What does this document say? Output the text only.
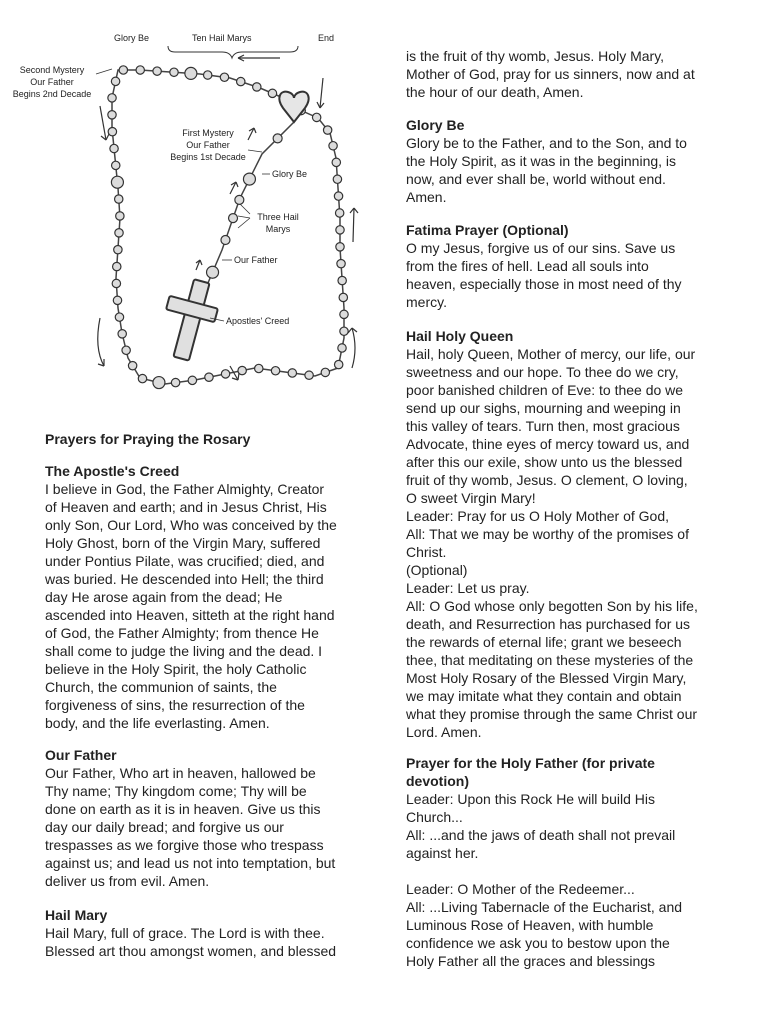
Glory Be	Ten Hail Marys	End
Second Mystery
Our Father
Begins 2nd Decade
First Mystery
Our Father
Begins 1st Decade
Glory Be
Three Hail
Marys
Our Father
Apostles' Creed

Prayers for Praying the Rosary

The Apostle's Creed

I believe in God, the Father Almighty, Creator
of Heaven and earth; and in Jesus Christ, His
only Son, Our Lord, Who was conceived by the
Holy Ghost, born of the Virgin Mary, suffered
under Pontius Pilate, was crucified; died, and
was buried. He descended into Hell; the third
day He arose again from the dead; He
ascended into Heaven, sitteth at the right hand
of God, the Father Almighty; from thence He
shall come to judge the living and the dead. I
believe in the Holy Spirit, the holy Catholic
Church, the communion of saints, the
forgiveness of sins, the resurrection of the
body, and the life everlasting. Amen.

Our Father

Our Father, Who art in heaven, hallowed be
Thy name; Thy kingdom come; Thy will be
done on earth as it is in heaven. Give us this
day our daily bread; and forgive us our
trespasses as we forgive those who trespass
against us; and lead us not into temptation, but
deliver us from evil. Amen.

Hail Mary

Hail Mary, full of grace. The Lord is with thee.
Blessed art thou amongst women, and blessed

is the fruit of thy womb, Jesus. Holy Mary,
Mother of God, pray for us sinners, now and at
the hour of our death, Amen.

Glory Be

Glory be to the Father, and to the Son, and to
the Holy Spirit, as it was in the beginning, is
now, and ever shall be, world without end.
Amen.

Fatima Prayer (Optional)

O my Jesus, forgive us of our sins. Save us
from the fires of hell. Lead all souls into
heaven, especially those in most need of thy
mercy.

Hail Holy Queen

Hail, holy Queen, Mother of mercy, our life, our
sweetness and our hope. To thee do we cry,
poor banished children of Eve: to thee do we
send up our sighs, mourning and weeping in
this valley of tears. Turn then, most gracious
Advocate, thine eyes of mercy toward us, and
after this our exile, show unto us the blessed
fruit of thy womb, Jesus. O clement, O loving,
O sweet Virgin Mary!
Leader: Pray for us O Holy Mother of God,
All: That we may be worthy of the promises of
Christ.
(Optional)
Leader: Let us pray.
All: O God whose only begotten Son by his life,
death, and Resurrection has purchased for us
the rewards of eternal life; grant we beseech
thee, that meditating on these mysteries of the
Most Holy Rosary of the Blessed Virgin Mary,
we may imitate what they contain and obtain
what they promise through the same Christ our
Lord. Amen.

Prayer for the Holy Father (for private
devotion)

Leader: Upon this Rock He will build His
Church...
All: ...and the jaws of death shall not prevail
against her.

Leader: O Mother of the Redeemer...
All: ...Living Tabernacle of the Eucharist, and
Luminous Rose of Heaven, with humble
confidence we ask you to bestow upon the
Holy Father all the graces and blessings
